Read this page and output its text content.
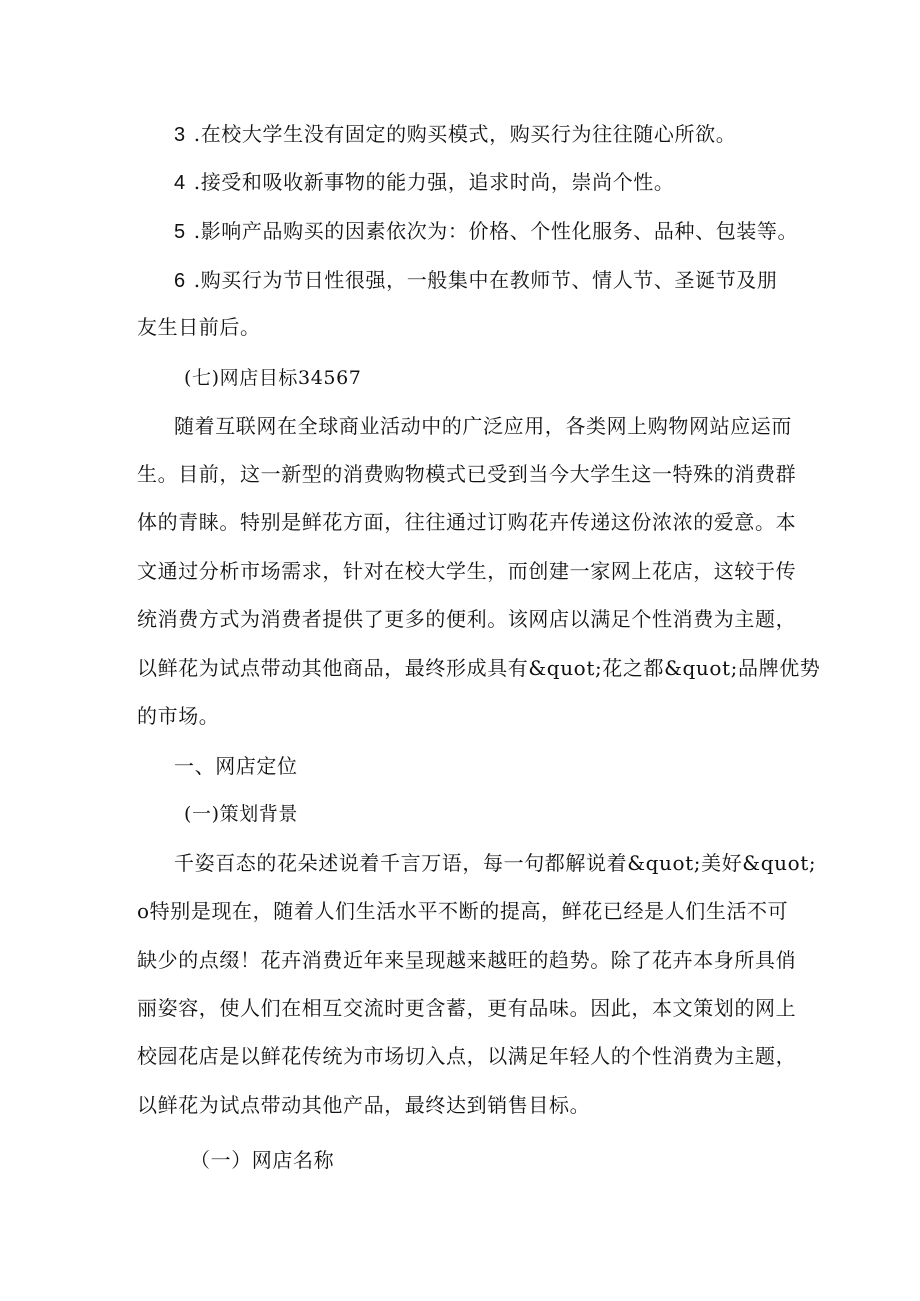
3 .在校大学生没有固定的购买模式，购买行为往往随心所欲。
4 .接受和吸收新事物的能力强，追求时尚，崇尚个性。
5 .影响产品购买的因素依次为：价格、个性化服务、品种、包装等。
6 .购买行为节日性很强，一般集中在教师节、情人节、圣诞节及朋
友生日前后。
(七)网店目标34567
随着互联网在全球商业活动中的广泛应用，各类网上购物网站应运而
生。目前，这一新型的消费购物模式已受到当今大学生这一特殊的消费群
体的青睐。特别是鲜花方面，往往通过订购花卉传递这份浓浓的爱意。本
文通过分析市场需求，针对在校大学生，而创建一家网上花店，这较于传
统消费方式为消费者提供了更多的便利。该网店以满足个性消费为主题，
以鲜花为试点带动其他商品，最终形成具有&quot;花之都&quot;品牌优势
的市场。
一、网店定位
(一)策划背景
千姿百态的花朵述说着千言万语，每一句都解说着&quot;美好&quot;
o特别是现在，随着人们生活水平不断的提高，鲜花已经是人们生活不可
缺少的点缀！花卉消费近年来呈现越来越旺的趋势。除了花卉本身所具俏
丽姿容，使人们在相互交流时更含蓄，更有品味。因此，本文策划的网上
校园花店是以鲜花传统为市场切入点，以满足年轻人的个性消费为主题，
以鲜花为试点带动其他产品，最终达到销售目标。
（一）网店名称
